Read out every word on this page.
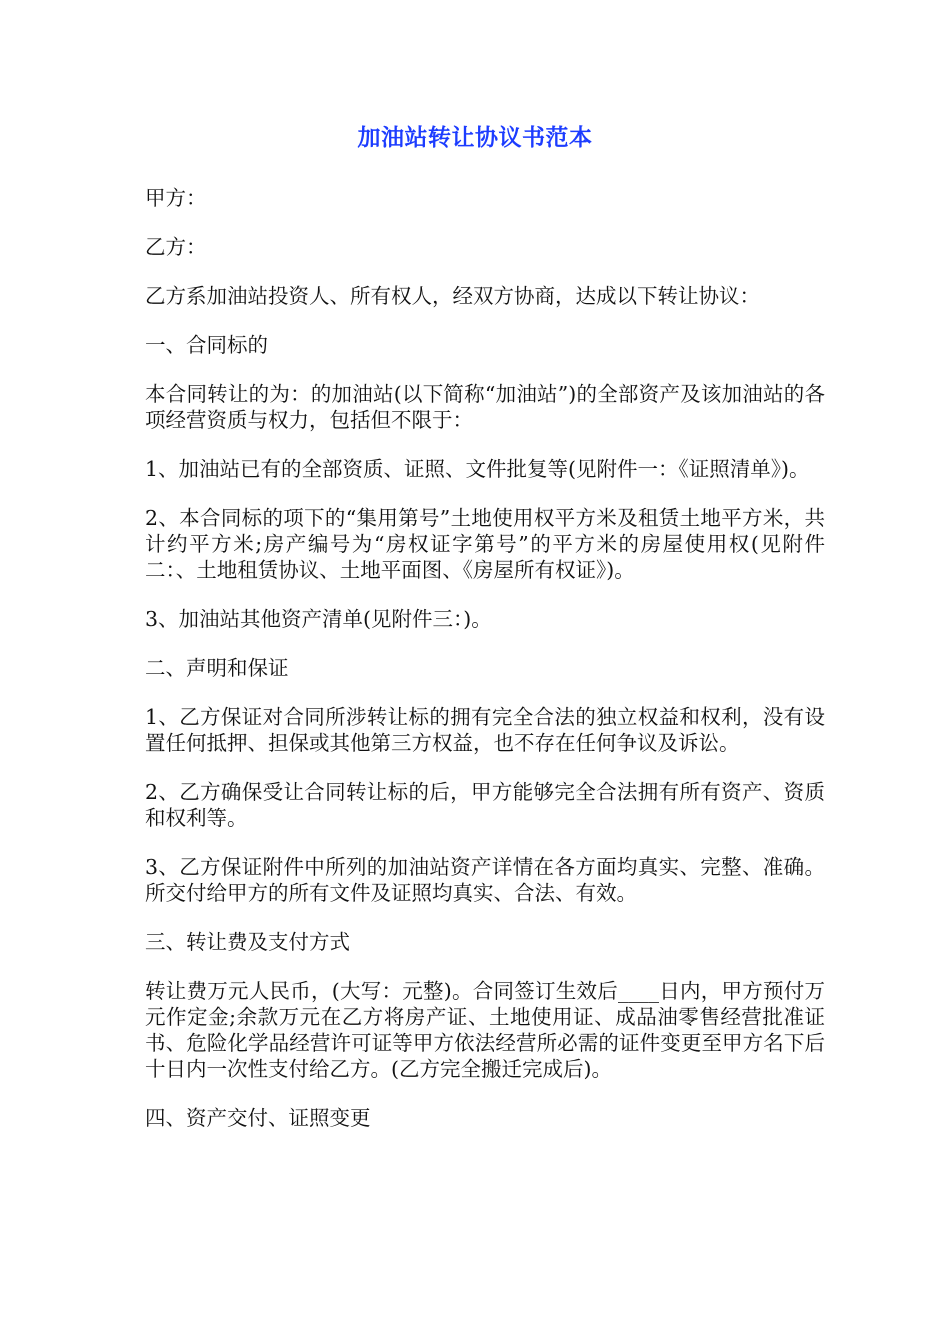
加油站转让协议书范本

甲方：

乙方：

乙方系加油站投资人、所有权人，经双方协商，达成以下转让协议：

一、合同标的

本合同转让的为：的加油站(以下简称“加油站”)的全部资产及该加油站的各项经营资质与权力，包括但不限于：

1、加油站已有的全部资质、证照、文件批复等(见附件一：《证照清单》)。

2、本合同标的项下的“集用第号”土地使用权平方米及租赁土地平方米，共计约平方米;房产编号为“房权证字第号”的平方米的房屋使用权(见附件二：、土地租赁协议、土地平面图、《房屋所有权证》)。

3、加油站其他资产清单(见附件三：)。

二、声明和保证

1、乙方保证对合同所涉转让标的拥有完全合法的独立权益和权利，没有设置任何抵押、担保或其他第三方权益，也不存在任何争议及诉讼。

2、乙方确保受让合同转让标的后，甲方能够完全合法拥有所有资产、资质和权利等。

3、乙方保证附件中所列的加油站资产详情在各方面均真实、完整、准确。所交付给甲方的所有文件及证照均真实、合法、有效。

三、转让费及支付方式

转让费万元人民币，(大写：元整)。合同签订生效后____日内，甲方预付万元作定金;余款万元在乙方将房产证、土地使用证、成品油零售经营批准证书、危险化学品经营许可证等甲方依法经营所必需的证件变更至甲方名下后十日内一次性支付给乙方。(乙方完全搬迁完成后)。

四、资产交付、证照变更
